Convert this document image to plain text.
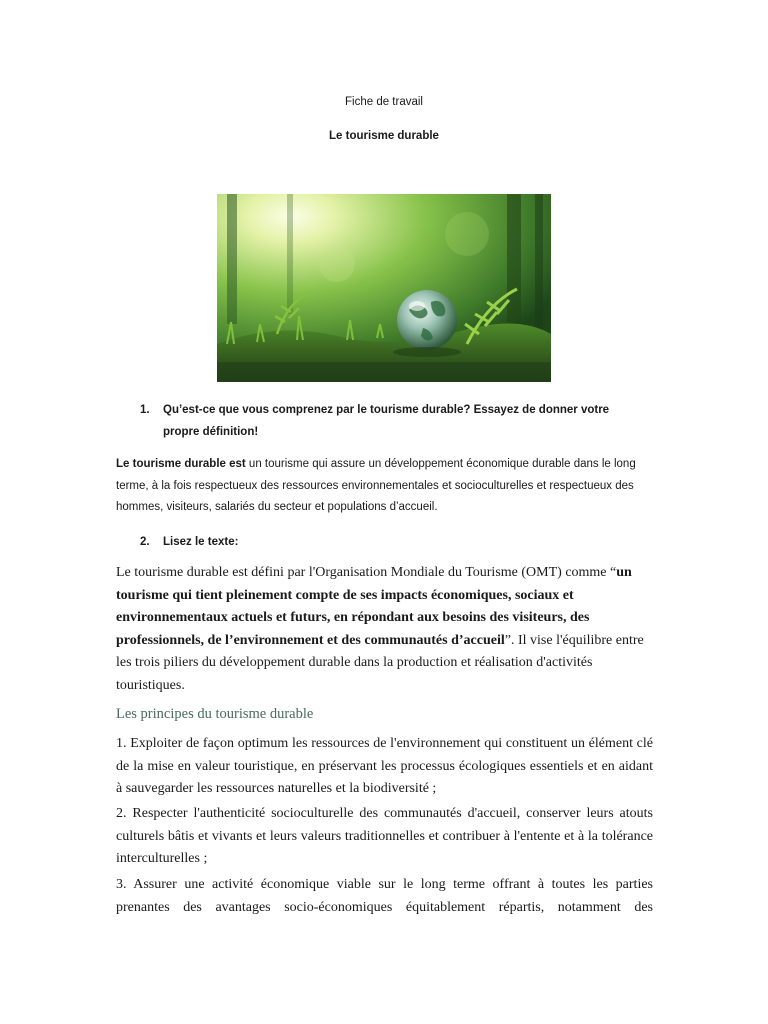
Fiche de travail
Le tourisme durable
1. Qu’est-ce que vous comprenez par le tourisme durable? Essayez de donner votre propre définition!
Le tourisme durable est un tourisme qui assure un développement économique durable dans le long terme, à la fois respectueux des ressources environnementales et socioculturelles et respectueux des hommes, visiteurs, salariés du secteur et populations d’accueil.
2. Lisez le texte:
Le tourisme durable est défini par l'Organisation Mondiale du Tourisme (OMT) comme “un tourisme qui tient pleinement compte de ses impacts économiques, sociaux et environnementaux actuels et futurs, en répondant aux besoins des visiteurs, des professionnels, de l’environnement et des communautés d’accueil”. Il vise l'équilibre entre les trois piliers du développement durable dans la production et réalisation d'activités touristiques.
Les principes du tourisme durable
1. Exploiter de façon optimum les ressources de l'environnement qui constituent un élément clé de la mise en valeur touristique, en préservant les processus écologiques essentiels et en aidant à sauvegarder les ressources naturelles et la biodiversité ;
2. Respecter l'authenticité socioculturelle des communautés d'accueil, conserver leurs atouts culturels bâtis et vivants et leurs valeurs traditionnelles et contribuer à l'entente et à la tolérance interculturelles ;
3. Assurer une activité économique viable sur le long terme offrant à toutes les parties prenantes des avantages socio-économiques équitablement répartis, notamment des
